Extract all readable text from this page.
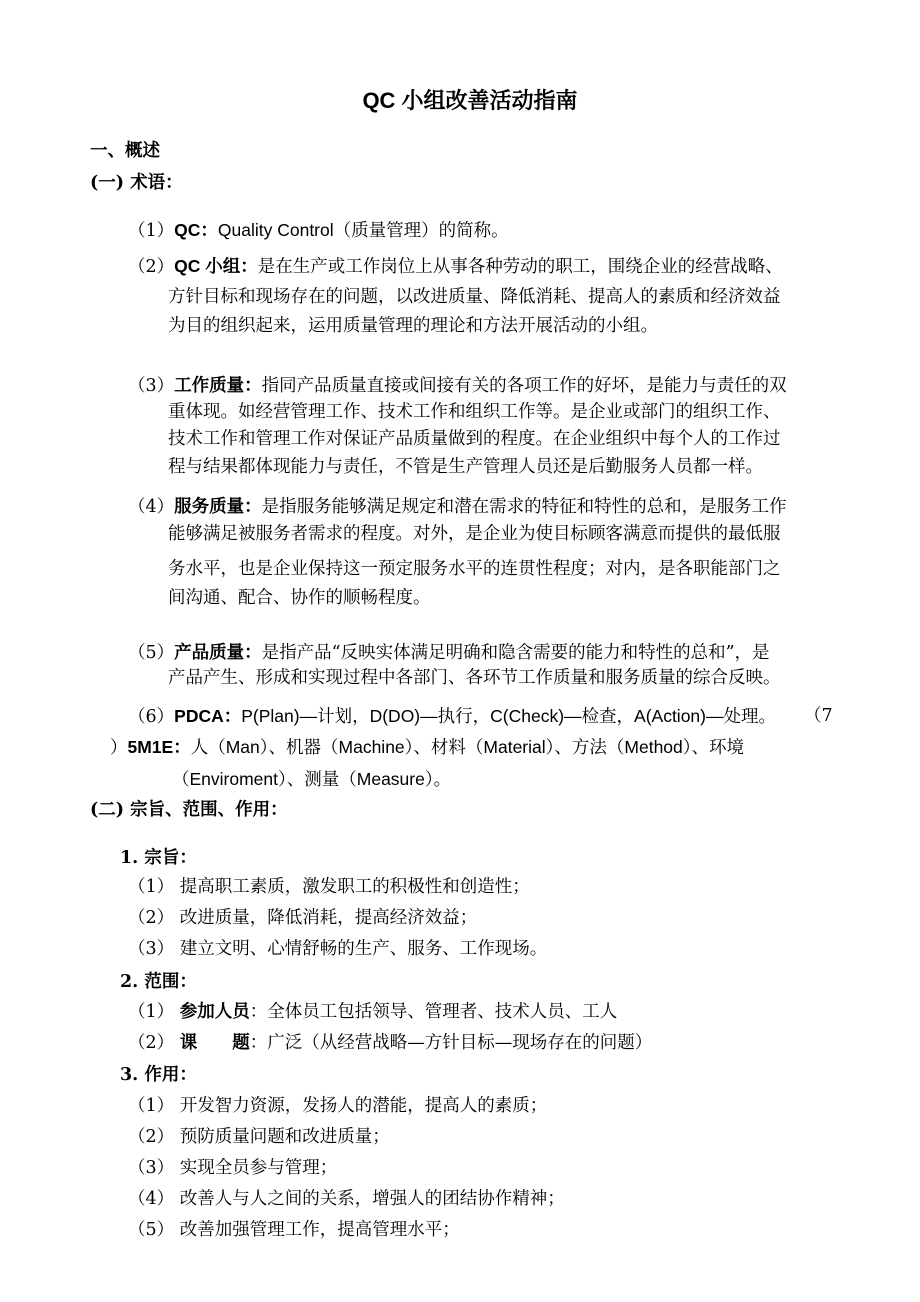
QC 小组改善活动指南
一、概述
(一) 术语：
（1）QC：Quality Control（质量管理）的简称。
（2）QC 小组：是在生产或工作岗位上从事各种劳动的职工，围绕企业的经营战略、
方针目标和现场存在的问题，以改进质量、降低消耗、提高人的素质和经济效益
为目的组织起来，运用质量管理的理论和方法开展活动的小组。
（3）工作质量：指同产品质量直接或间接有关的各项工作的好坏，是能力与责任的双
重体现。如经营管理工作、技术工作和组织工作等。是企业或部门的组织工作、
技术工作和管理工作对保证产品质量做到的程度。在企业组织中每个人的工作过
程与结果都体现能力与责任，不管是生产管理人员还是后勤服务人员都一样。
（4）服务质量：是指服务能够满足规定和潜在需求的特征和特性的总和，是服务工作
能够满足被服务者需求的程度。对外，是企业为使目标顾客满意而提供的最低服
务水平，也是企业保持这一预定服务水平的连贯性程度；对内，是各职能部门之
间沟通、配合、协作的顺畅程度。
（5）产品质量：是指产品“反映实体满足明确和隐含需要的能力和特性的总和”，是
产品产生、形成和实现过程中各部门、各环节工作质量和服务质量的综合反映。
（6）PDCA：P(Plan)—计划，D(DO)—执行，C(Check)—检查，A(Action)—处理。 （7
）5M1E：人（Man）、机器（Machine）、材料（Material）、方法（Method）、环境
（Enviroment）、测量（Measure）。
(二) 宗旨、范围、作用：
1. 宗旨：
（1） 提高职工素质，激发职工的积极性和创造性；
（2） 改进质量，降低消耗，提高经济效益；
（3） 建立文明、心情舒畅的生产、服务、工作现场。
2. 范围：
（1） 参加人员：全体员工包括领导、管理者、技术人员、工人
（2） 课　　题：广泛（从经营战略—方针目标—现场存在的问题）
3. 作用：
（1） 开发智力资源，发扬人的潜能，提高人的素质；
（2） 预防质量问题和改进质量；
（3） 实现全员参与管理；
（4） 改善人与人之间的关系，增强人的团结协作精神；
（5） 改善加强管理工作，提高管理水平；
